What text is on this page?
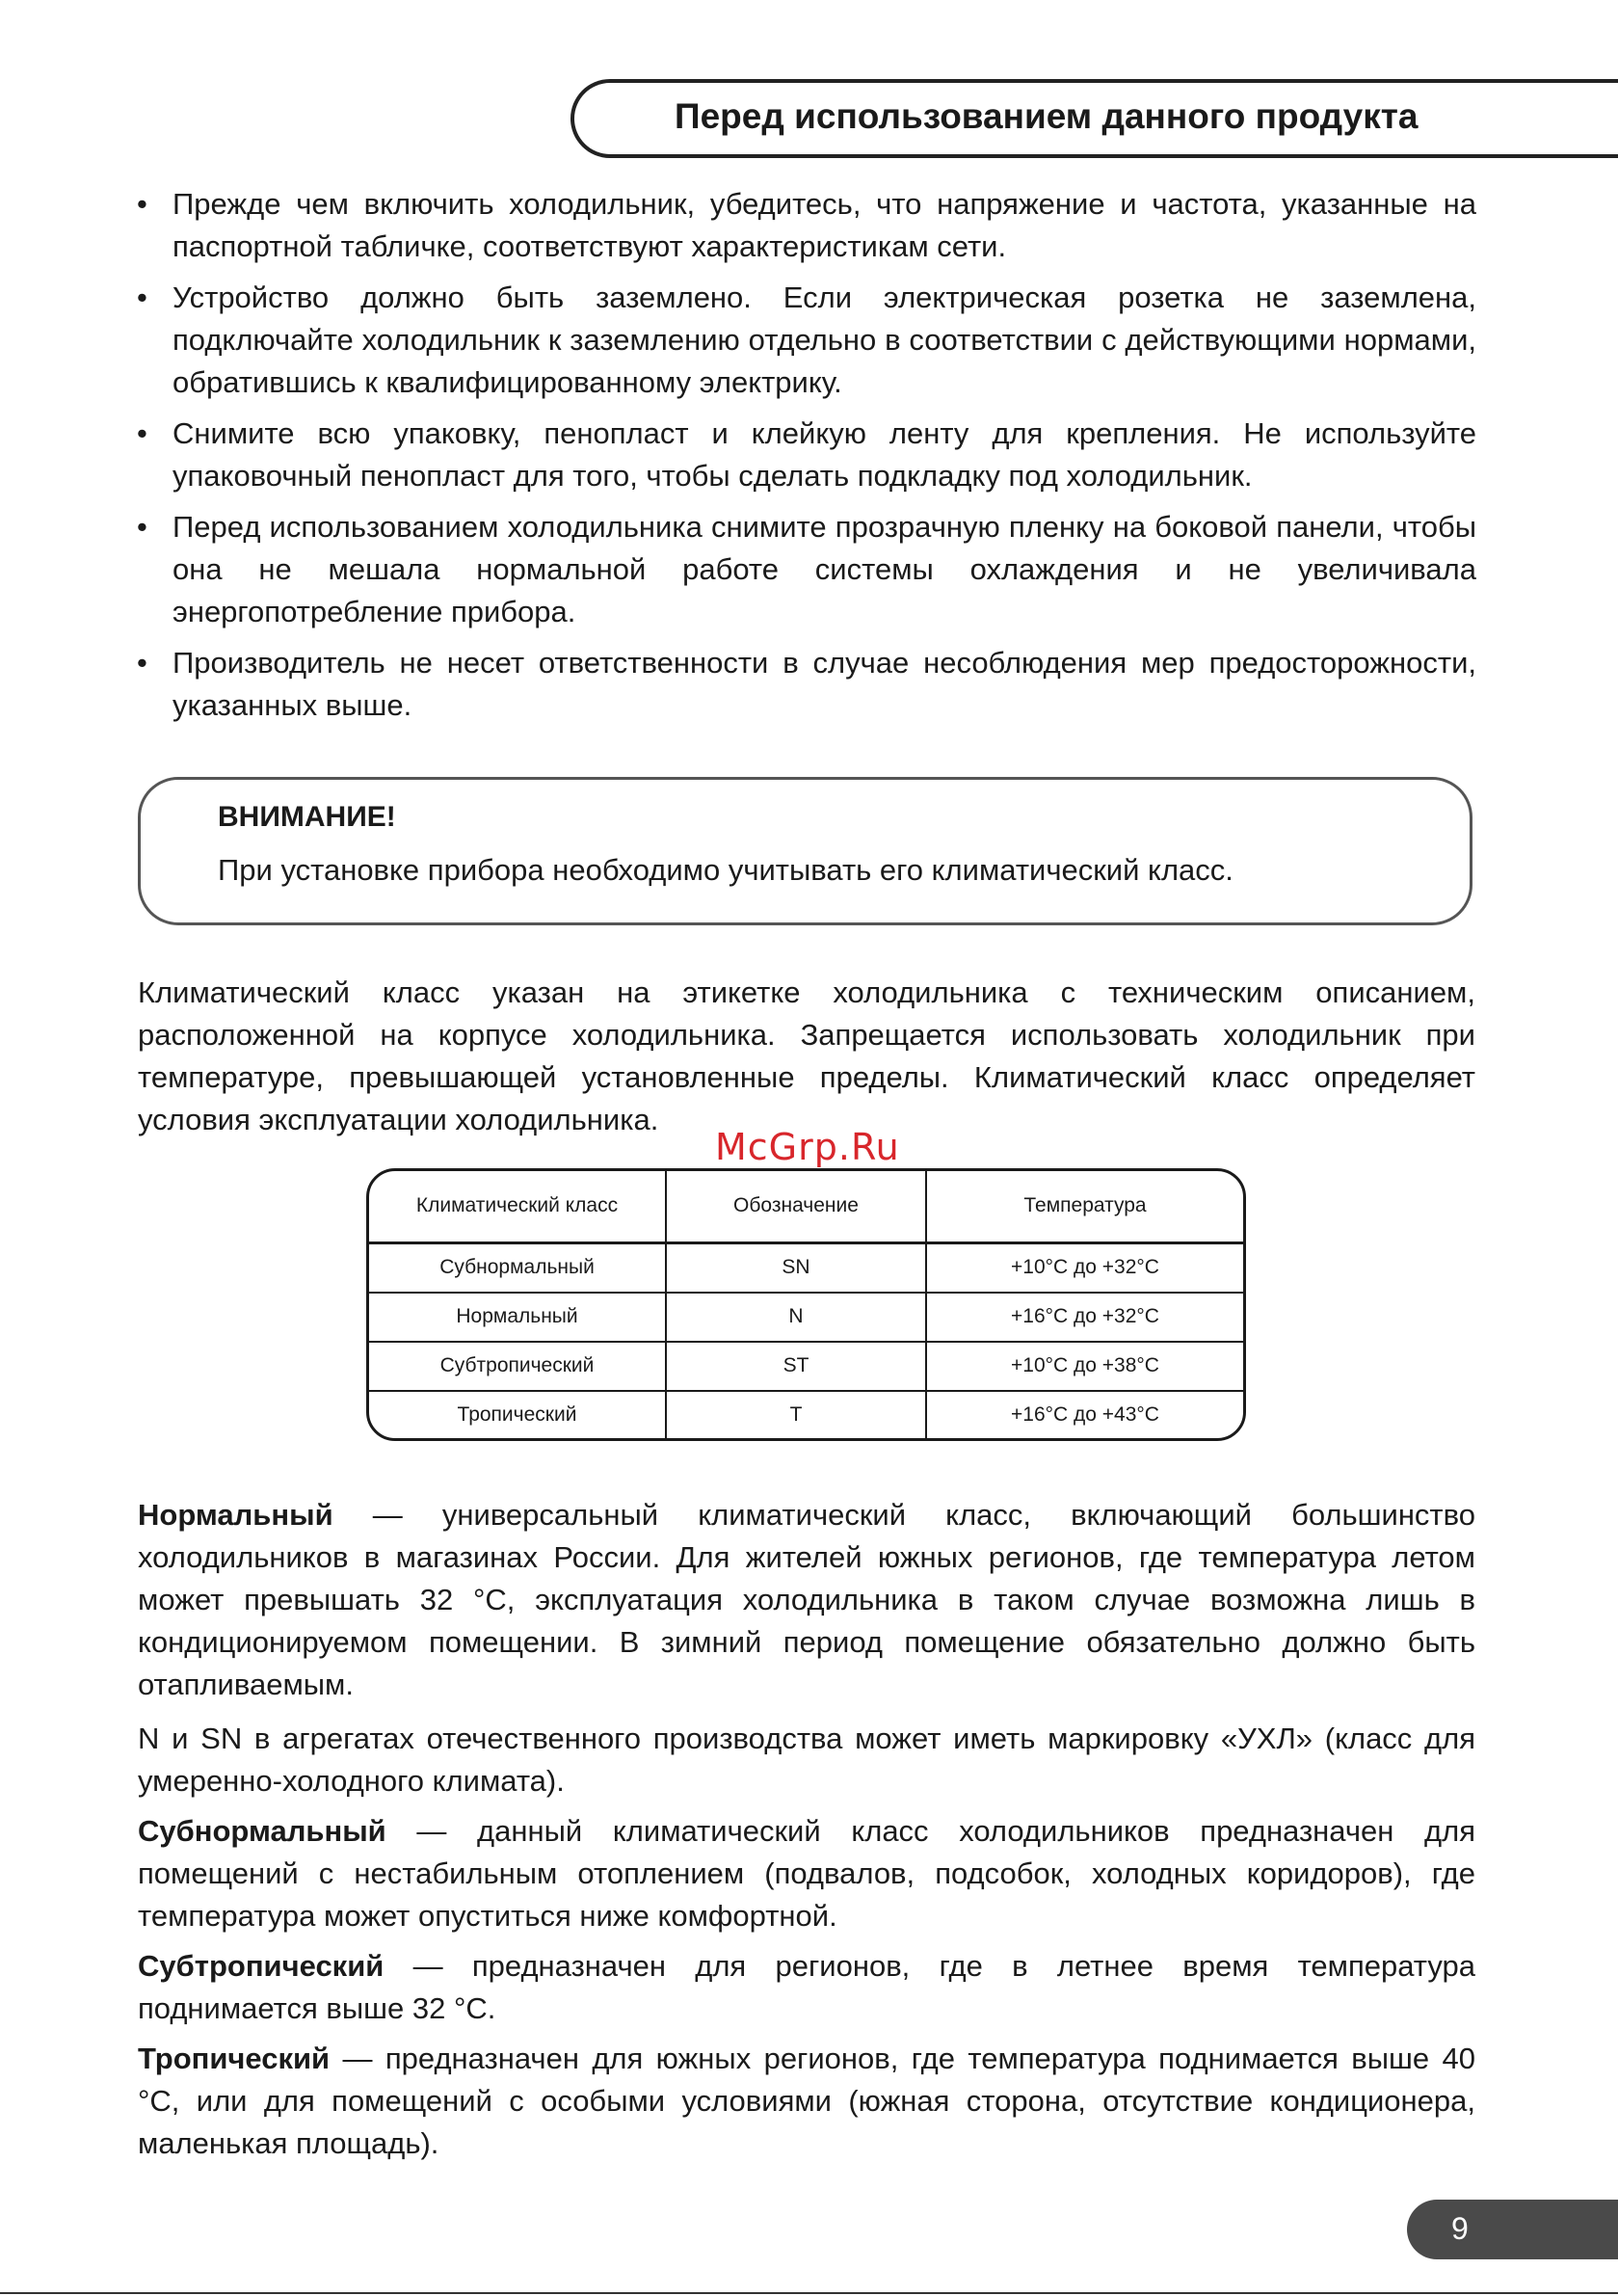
Перед использованием данного продукта
• Прежде чем включить холодильник, убедитесь, что напряжение и частота, указанные на паспортной табличке, соответствуют характеристикам сети.
• Устройство должно быть заземлено. Если электрическая розетка не заземлена, подключайте холодильник к заземлению отдельно в соответствии с действующими нормами, обратившись к квалифицированному электрику.
• Снимите всю упаковку, пенопласт и клейкую ленту для крепления. Не используйте упаковочный пенопласт для того, чтобы сделать подкладку под холодильник.
• Перед использованием холодильника снимите прозрачную пленку на боковой панели, чтобы она не мешала нормальной работе системы охлаждения и не увеличивала энергопотребление прибора.
• Производитель не несет ответственности в случае несоблюдения мер предосторожности, указанных выше.
ВНИМАНИЕ!
При установке прибора необходимо учитывать его климатический класс.

Климатический класс указан на этикетке холодильника с техническим описанием, расположенной на корпусе холодильника. Запрещается использовать холодильник при температуре, превышающей установленные пределы. Климатический класс определяет условия эксплуатации холодильника.

McGrp.Ru
Климатический класс	Обозначение	Температура
Субнормальный	SN	+10°C до +32°C
Нормальный	N	+16°C до +32°C
Субтропический	ST	+10°C до +38°C
Тропический	T	+16°C до +43°C

Нормальный — универсальный климатический класс, включающий большинство холодильников в магазинах России. Для жителей южных регионов, где температура летом может превышать 32 °С, эксплуатация холодильника в таком случае возможна лишь в кондиционируемом помещении. В зимний период помещение обязательно должно быть отапливаемым.

N и SN в агрегатах отечественного производства может иметь маркировку «УХЛ» (класс для умеренно-холодного климата).

Субнормальный — данный климатический класс холодильников предназначен для помещений с нестабильным отоплением (подвалов, подсобок, холодных коридоров), где температура может опуститься ниже комфортной.

Субтропический — предназначен для регионов, где в летнее время температура поднимается выше 32 °С.

Тропический — предназначен для южных регионов, где температура поднимается выше 40 °С, или для помещений с особыми условиями (южная сторона, отсутствие кондиционера, маленькая площадь).

9
